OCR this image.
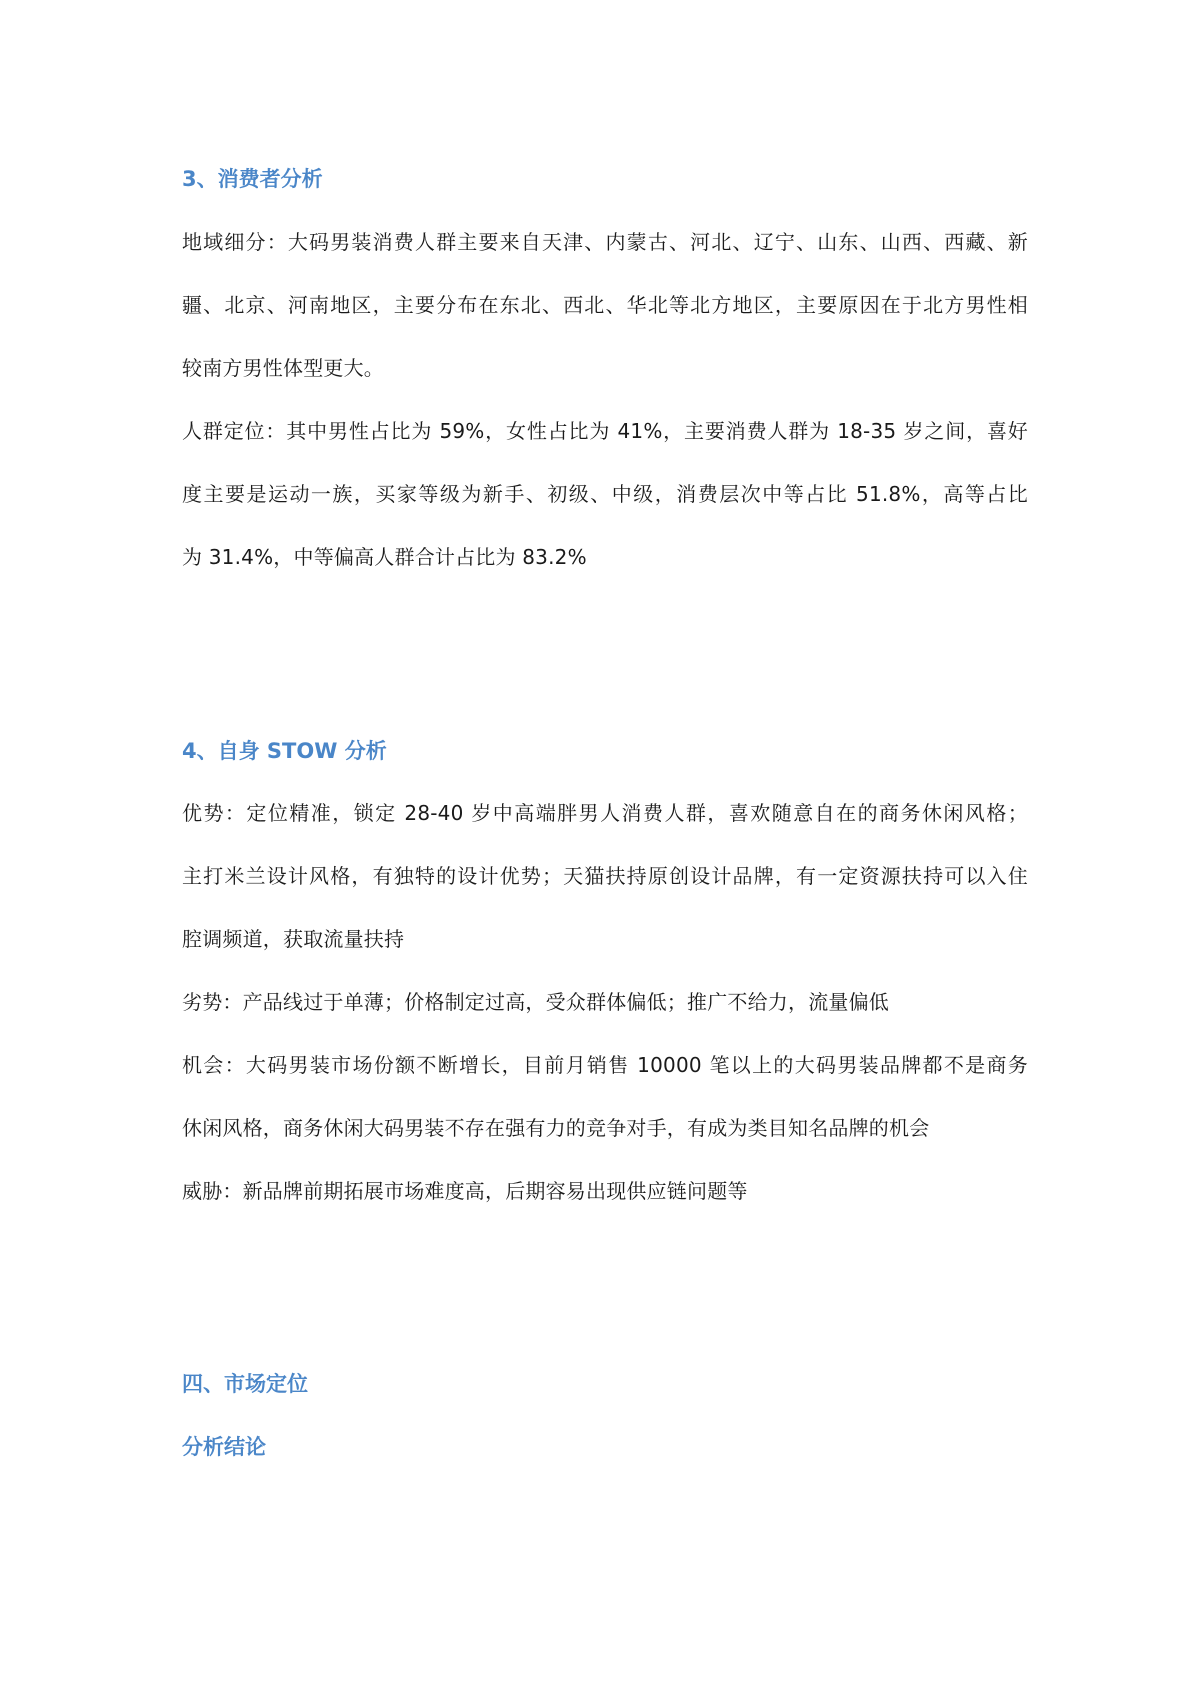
3、消费者分析
地域细分：大码男装消费人群主要来自天津、内蒙古、河北、辽宁、山东、山西、西藏、新
疆、北京、河南地区，主要分布在东北、西北、华北等北方地区，主要原因在于北方男性相
较南方男性体型更大。
人群定位：其中男性占比为 59%，女性占比为 41%，主要消费人群为 18-35 岁之间，喜好
度主要是运动一族，买家等级为新手、初级、中级，消费层次中等占比 51.8%，高等占比
为 31.4%，中等偏高人群合计占比为 83.2%
4、自身 STOW 分析
优势：定位精准，锁定 28-40 岁中高端胖男人消费人群，喜欢随意自在的商务休闲风格；
主打米兰设计风格，有独特的设计优势；天猫扶持原创设计品牌，有一定资源扶持可以入住
腔调频道，获取流量扶持
劣势：产品线过于单薄；价格制定过高，受众群体偏低；推广不给力，流量偏低
机会：大码男装市场份额不断增长，目前月销售 10000 笔以上的大码男装品牌都不是商务
休闲风格，商务休闲大码男装不存在强有力的竞争对手，有成为类目知名品牌的机会
威胁：新品牌前期拓展市场难度高，后期容易出现供应链问题等
四、市场定位
分析结论
